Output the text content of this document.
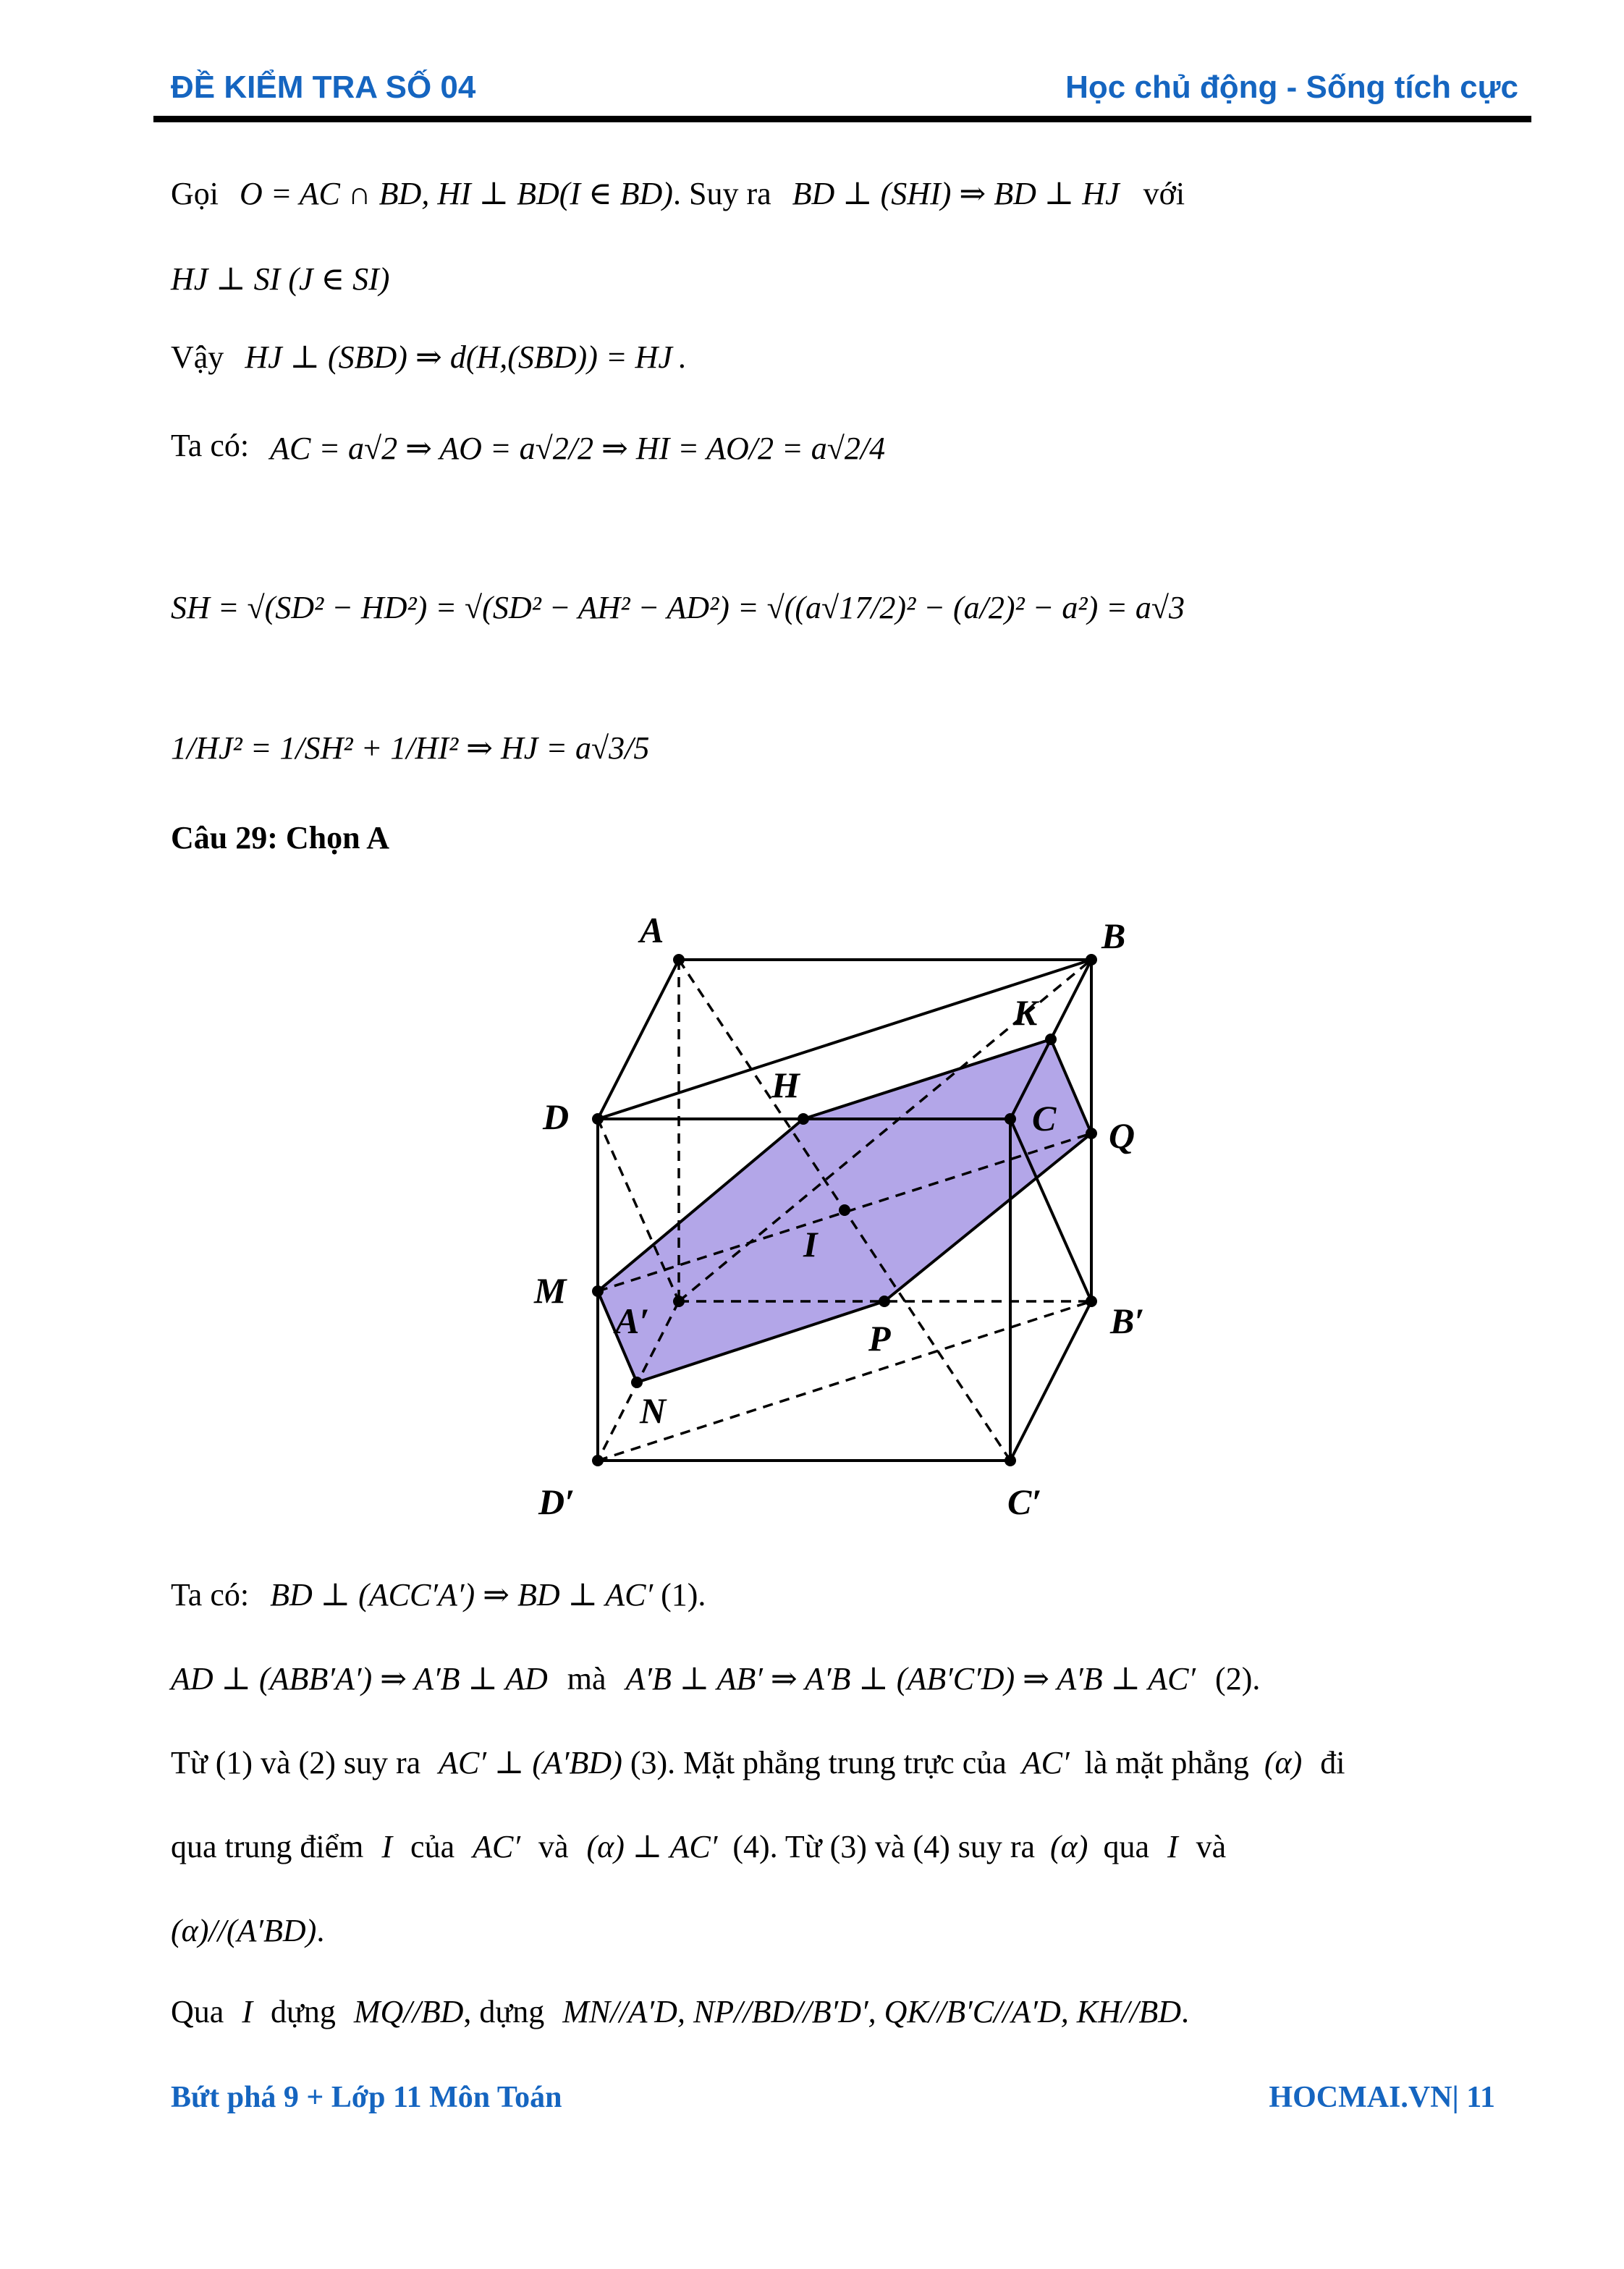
ĐỀ KIỂM TRA SỐ 04	Học chủ động - Sống tích cực
Gọi O = AC ∩ BD, HI ⊥ BD(I ∈ BD). Suy ra BD ⊥ (SHI) ⇒ BD ⊥ HJ với
HJ ⊥ SI (J ∈ SI)
Vậy HJ ⊥ (SBD) ⇒ d(H,(SBD)) = HJ .
Ta có: AC = a√2 ⇒ AO = a√2/2 ⇒ HI = AO/2 = a√2/4
SH = √(SD² − HD²) = √(SD² − AH² − AD²) = √((a√17/2)² − (a/2)² − a²) = a√3
1/HJ² = 1/SH² + 1/HI² ⇒ HJ = a√3/5
Câu 29: Chọn A
A	B
K
H
D	C Q
I
M
A′	P	B′
N
D′	C′
Ta có: BD ⊥ (ACC′A′) ⇒ BD ⊥ AC′ (1).
AD ⊥ (ABB′A′) ⇒ A′B ⊥ AD mà A′B ⊥ AB′ ⇒ A′B ⊥ (AB′C′D) ⇒ A′B ⊥ AC′ (2).
Từ (1) và (2) suy ra AC′ ⊥ (A′BD) (3). Mặt phẳng trung trực của AC′ là mặt phẳng (α) đi
qua trung điểm I của AC′ và (α) ⊥ AC′ (4). Từ (3) và (4) suy ra (α) qua I và
(α)//(A′BD).
Qua I dựng MQ//BD, dựng MN//A′D, NP//BD//B′D′, QK//B′C//A′D, KH//BD.
Bứt phá 9 + Lớp 11 Môn Toán	HOCMAI.VN| 11
